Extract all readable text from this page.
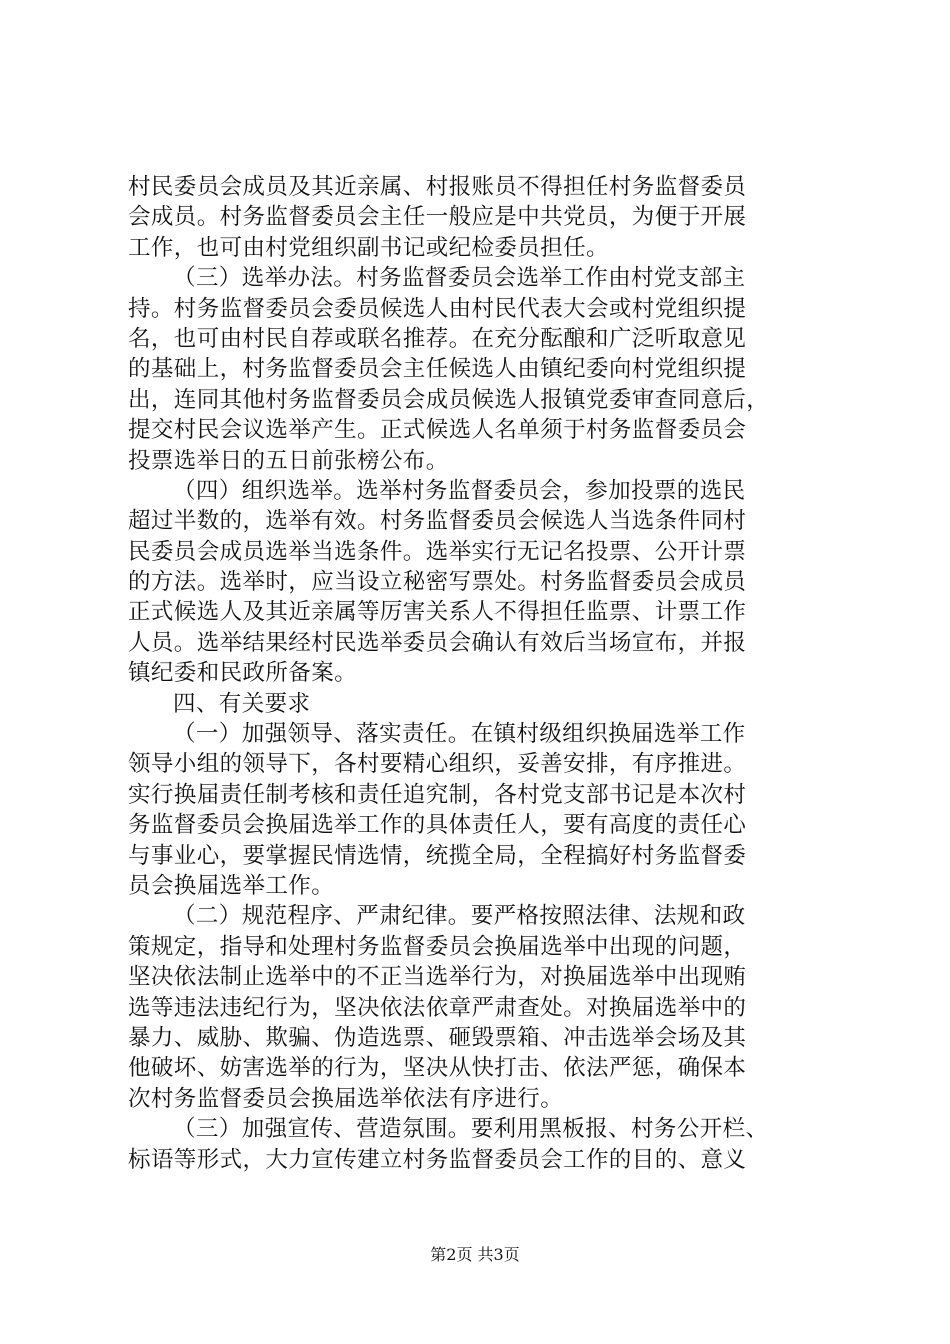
村民委员会成员及其近亲属、村报账员不得担任村务监督委员
会成员。村务监督委员会主任一般应是中共党员，为便于开展
工作，也可由村党组织副书记或纪检委员担任。
（三）选举办法。村务监督委员会选举工作由村党支部主
持。村务监督委员会委员候选人由村民代表大会或村党组织提
名，也可由村民自荐或联名推荐。在充分酝酿和广泛听取意见
的基础上，村务监督委员会主任候选人由镇纪委向村党组织提
出，连同其他村务监督委员会成员候选人报镇党委审查同意后，
提交村民会议选举产生。正式候选人名单须于村务监督委员会
投票选举日的五日前张榜公布。
（四）组织选举。选举村务监督委员会，参加投票的选民
超过半数的，选举有效。村务监督委员会候选人当选条件同村
民委员会成员选举当选条件。选举实行无记名投票、公开计票
的方法。选举时，应当设立秘密写票处。村务监督委员会成员
正式候选人及其近亲属等厉害关系人不得担任监票、计票工作
人员。选举结果经村民选举委员会确认有效后当场宣布，并报
镇纪委和民政所备案。
四、有关要求
（一）加强领导、落实责任。在镇村级组织换届选举工作
领导小组的领导下，各村要精心组织，妥善安排，有序推进。
实行换届责任制考核和责任追究制，各村党支部书记是本次村
务监督委员会换届选举工作的具体责任人，要有高度的责任心
与事业心，要掌握民情选情，统揽全局，全程搞好村务监督委
员会换届选举工作。
（二）规范程序、严肃纪律。要严格按照法律、法规和政
策规定，指导和处理村务监督委员会换届选举中出现的问题，
坚决依法制止选举中的不正当选举行为，对换届选举中出现贿
选等违法违纪行为，坚决依法依章严肃查处。对换届选举中的
暴力、威胁、欺骗、伪造选票、砸毁票箱、冲击选举会场及其
他破坏、妨害选举的行为，坚决从快打击、依法严惩，确保本
次村务监督委员会换届选举依法有序进行。
（三）加强宣传、营造氛围。要利用黑板报、村务公开栏、
标语等形式，大力宣传建立村务监督委员会工作的目的、意义
第2页 共3页
